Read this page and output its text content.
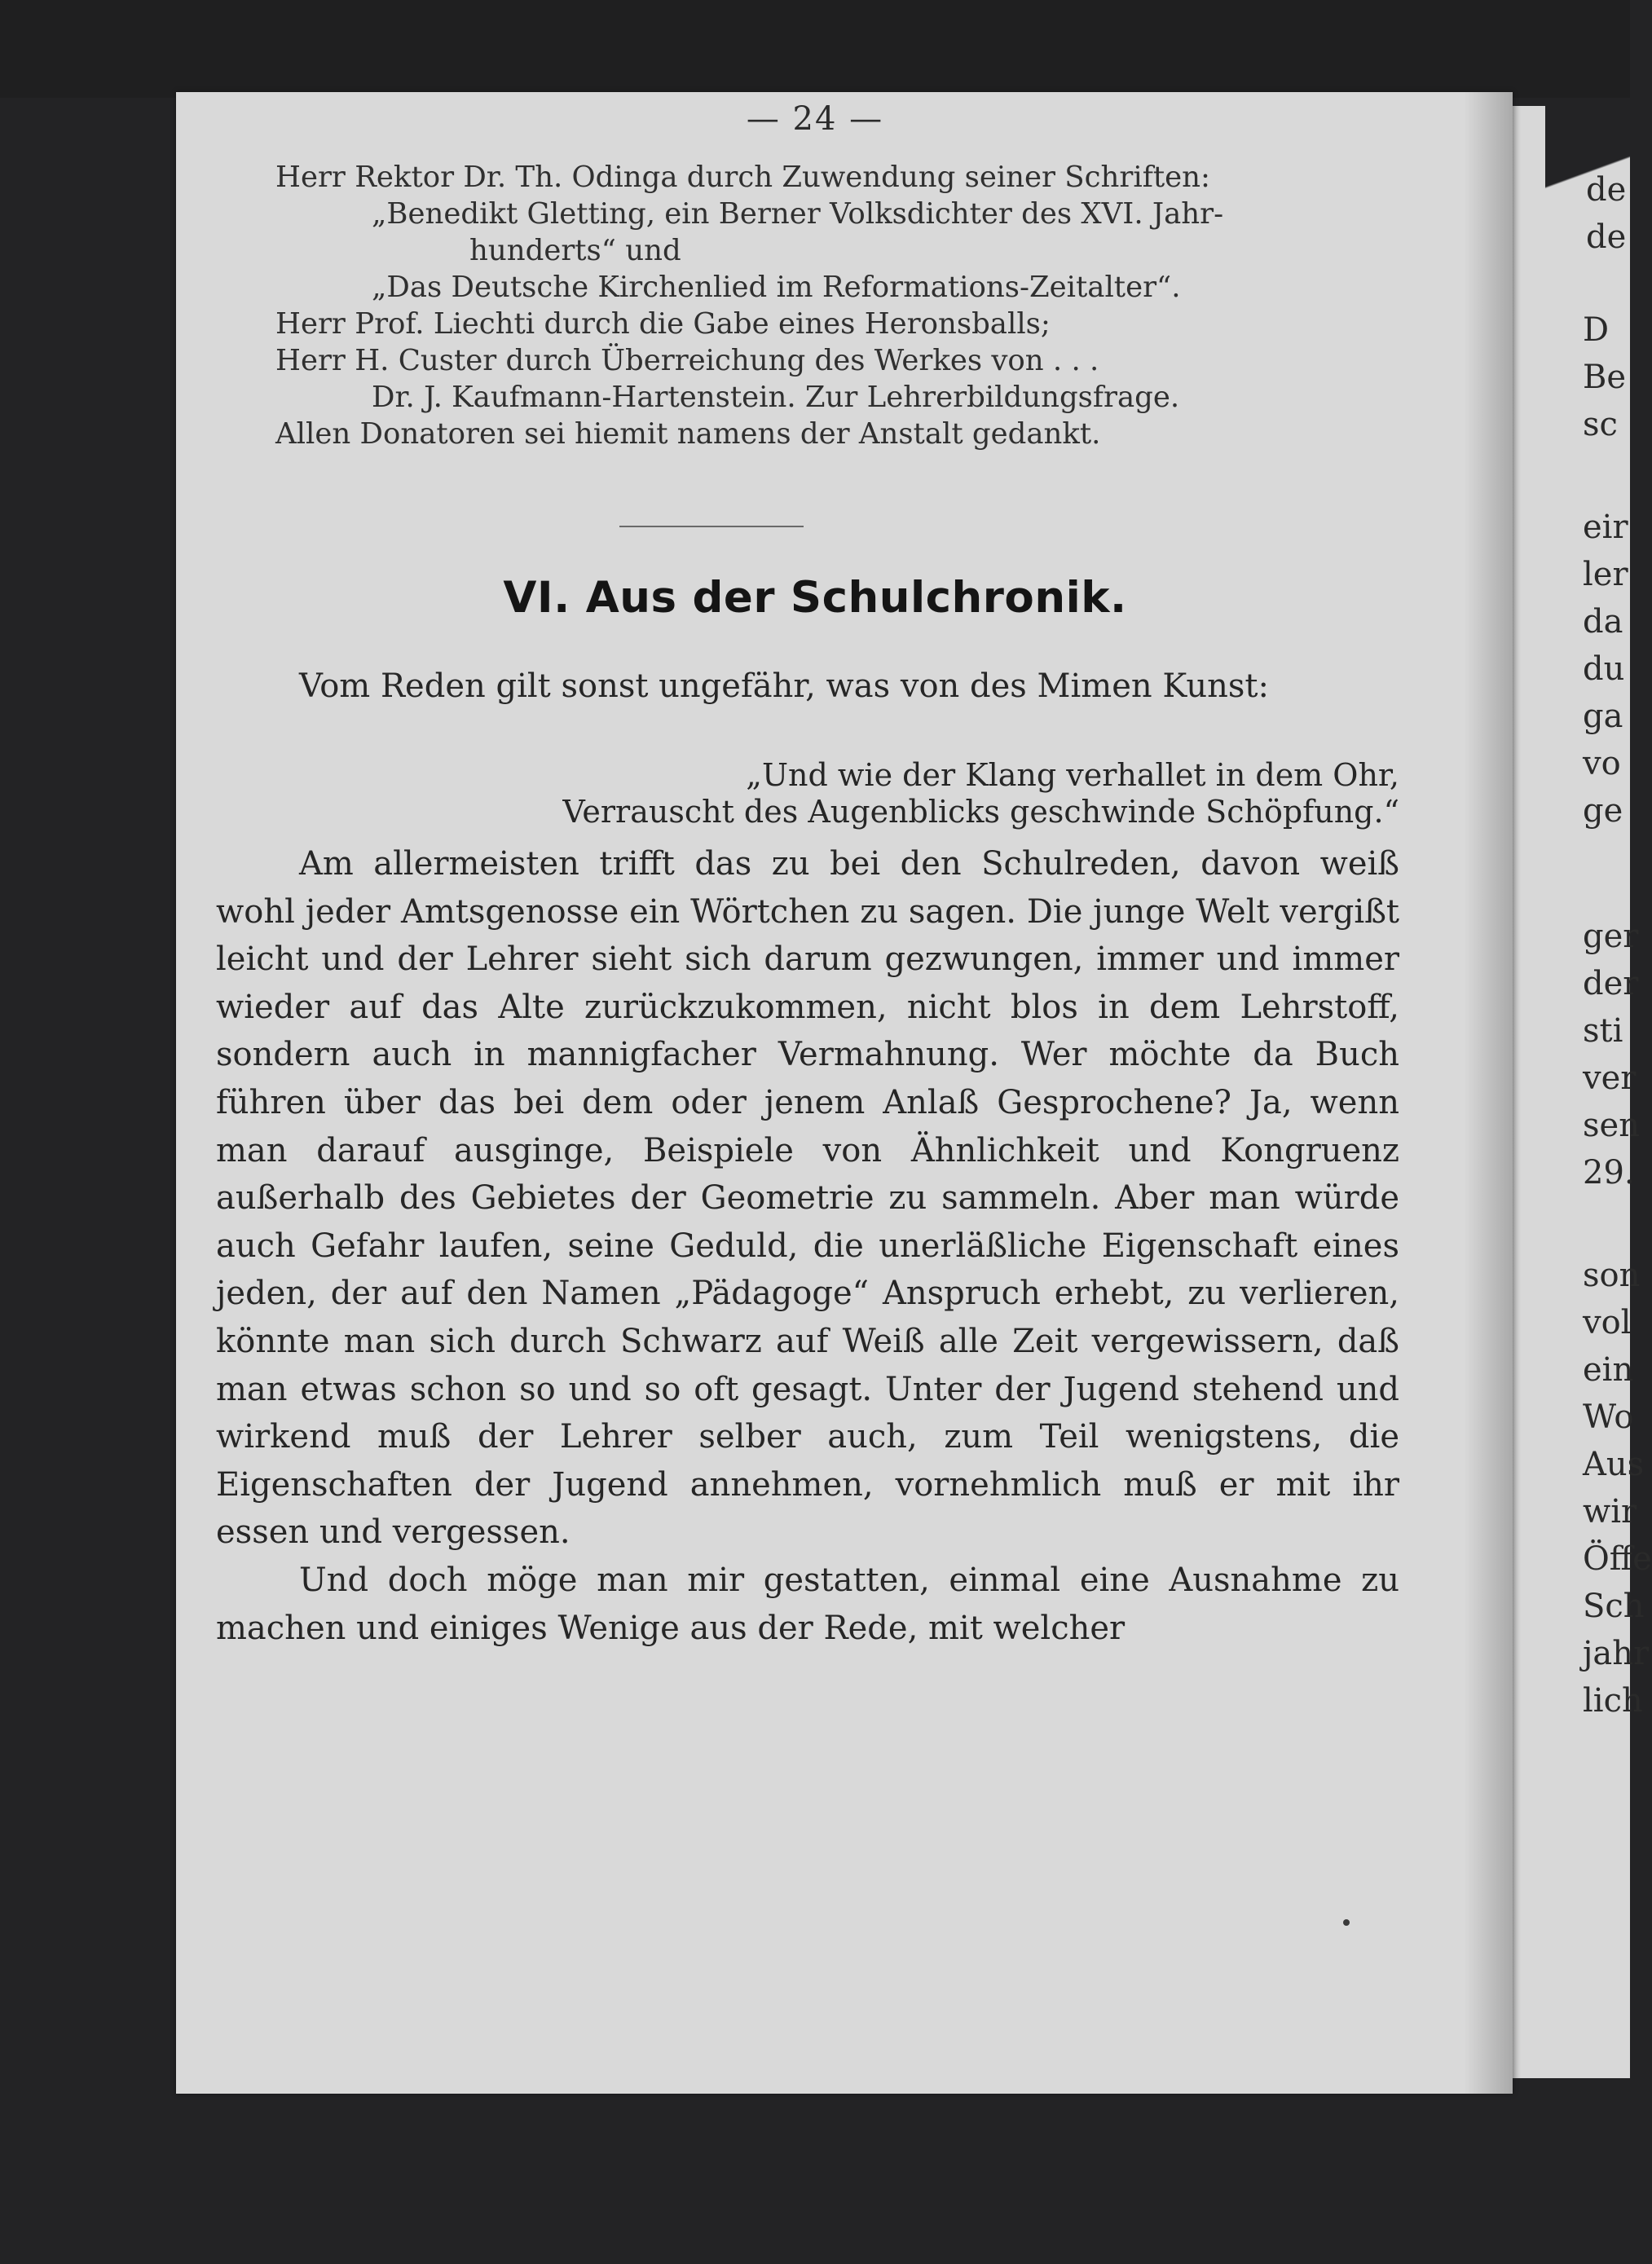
de
de
D
Be
sc
eir
ler
da
du
ga
vo
ge
ger
der
sti
ver
sen
29.
son
vol
ein
Wo
Aus
wir
Öffe
Sch
jahr
lich
— 24 —
Herr Rektor Dr. Th. Odinga durch Zuwendung seiner Schriften:
„Benedikt Gletting, ein Berner Volksdichter des XVI. Jahr-
hunderts“ und
„Das Deutsche Kirchenlied im Reformations-Zeitalter“.
Herr Prof. Liechti durch die Gabe eines Heronsballs;
Herr H. Custer durch Überreichung des Werkes von . . .
Dr. J. Kaufmann-Hartenstein. Zur Lehrerbildungsfrage.
Allen Donatoren sei hiemit namens der Anstalt gedankt.
VI. Aus der Schulchronik.

Vom Reden gilt sonst ungefähr, was von des Mimen Kunst:

„Und wie der Klang verhallet in dem Ohr,
Verrauscht des Augenblicks geschwinde Schöpfung.“

Am allermeisten trifft das zu bei den Schulreden, davon weiß wohl jeder Amtsgenosse ein Wörtchen zu sagen. Die junge Welt vergißt leicht und der Lehrer sieht sich darum gezwungen, immer und immer wieder auf das Alte zurückzukommen, nicht blos in dem Lehrstoff, sondern auch in mannigfacher Vermahnung. Wer möchte da Buch führen über das bei dem oder jenem Anlaß Gesprochene? Ja, wenn man darauf ausginge, Beispiele von Ähnlichkeit und Kongruenz außerhalb des Gebietes der Geometrie zu sammeln. Aber man würde auch Gefahr laufen, seine Geduld, die unerläßliche Eigenschaft eines jeden, der auf den Namen „Pädagoge“ Anspruch erhebt, zu verlieren, könnte man sich durch Schwarz auf Weiß alle Zeit vergewissern, daß man etwas schon so und so oft gesagt. Unter der Jugend stehend und wirkend muß der Lehrer selber auch, zum Teil wenigstens, die Eigenschaften der Jugend annehmen, vornehmlich muß er mit ihr essen und vergessen.

Und doch möge man mir gestatten, einmal eine Ausnahme zu machen und einiges Wenige aus der Rede, mit welcher
